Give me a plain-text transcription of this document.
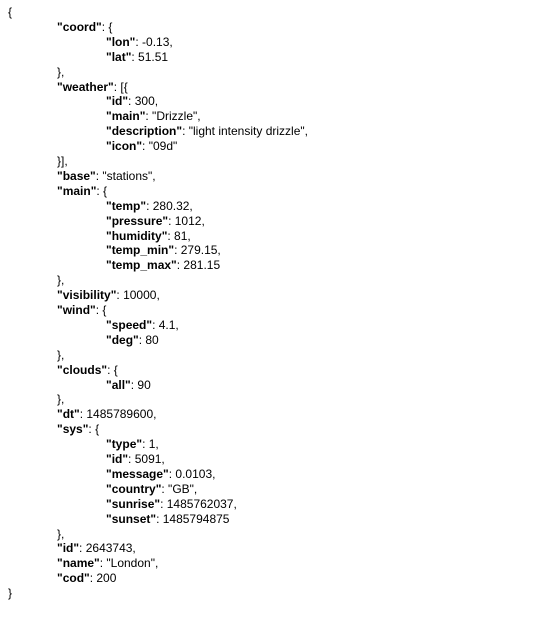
{
"coord": {
"lon": -0.13,
"lat": 51.51
},
"weather": [{
"id": 300,
"main": "Drizzle",
"description": "light intensity drizzle",
"icon": "09d"
}],
"base": "stations",
"main": {
"temp": 280.32,
"pressure": 1012,
"humidity": 81,
"temp_min": 279.15,
"temp_max": 281.15
},
"visibility": 10000,
"wind": {
"speed": 4.1,
"deg": 80
},
"clouds": {
"all": 90
},
"dt": 1485789600,
"sys": {
"type": 1,
"id": 5091,
"message": 0.0103,
"country": "GB",
"sunrise": 1485762037,
"sunset": 1485794875
},
"id": 2643743,
"name": "London",
"cod": 200
}
